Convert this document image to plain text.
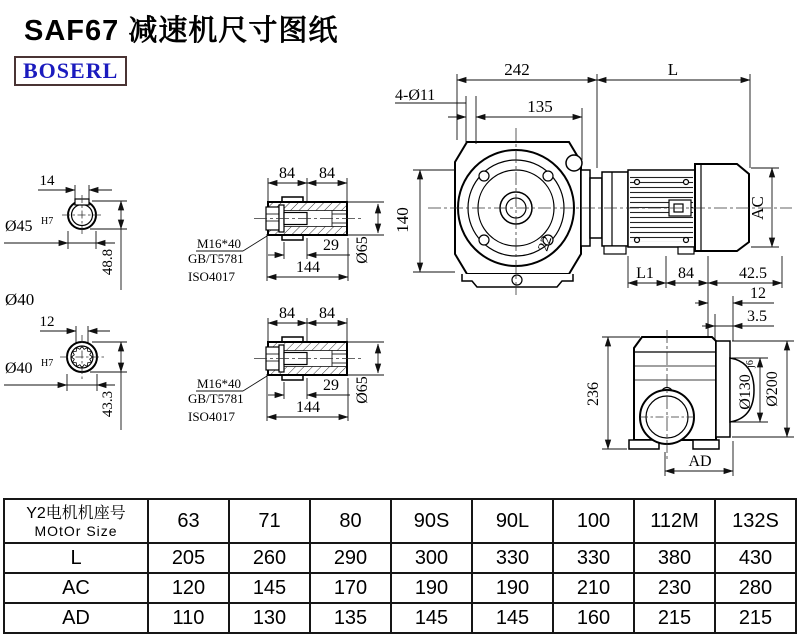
SAF67 减速机尺寸图纸
BOSERL
22
242	L
4-Ø11
135
140	AC
14
Ø45 H7
48.8
Ø40
12
Ø40 H7
43.3
84 84
29
144
Ø65
M16*40
GB/T5781
ISO4017
84 84
29
144
Ø65
M16*40
GB/T5781
ISO4017
L1 84	42.5
12
3.5
236	Ø130
j6
Ø200
AD
Y2电机机座号
MOtOr Size	63	71	80	90S	90L	100	112M	132S
L	205	260	290	300	330	330	380	430
AC	120	145	170	190	190	210	230	280
AD	110	130	135	145	145	160	215	215
